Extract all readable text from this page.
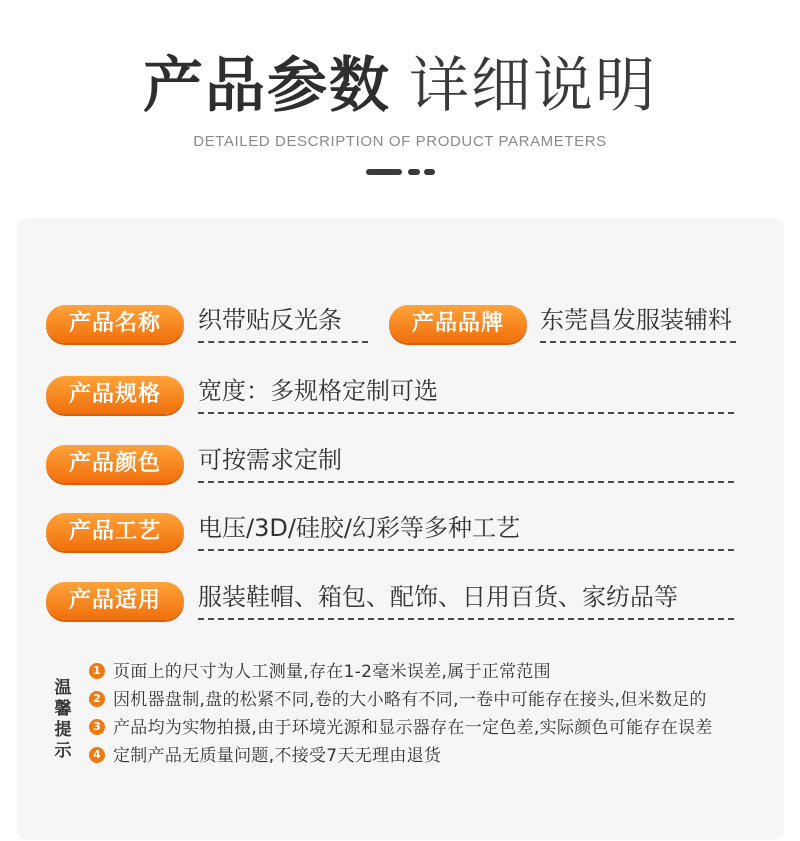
产品参数 详细说明
DETAILED DESCRIPTION OF PRODUCT PARAMETERS
产品名称	织带贴反光条	产品品牌	东莞昌发服装辅料
产品规格	宽度：多规格定制可选
产品颜色	可按需求定制
产品工艺	电压/3D/硅胶/幻彩等多种工艺
产品适用	服装鞋帽、箱包、配饰、日用百货、家纺品等
温
馨
提
示
1 页面上的尺寸为人工测量,存在1-2毫米误差,属于正常范围
2 因机器盘制,盘的松紧不同,卷的大小略有不同,一卷中可能存在接头,但米数足的
3 产品均为实物拍摄,由于环境光源和显示器存在一定色差,实际颜色可能存在误差
4 定制产品无质量问题,不接受7天无理由退货
